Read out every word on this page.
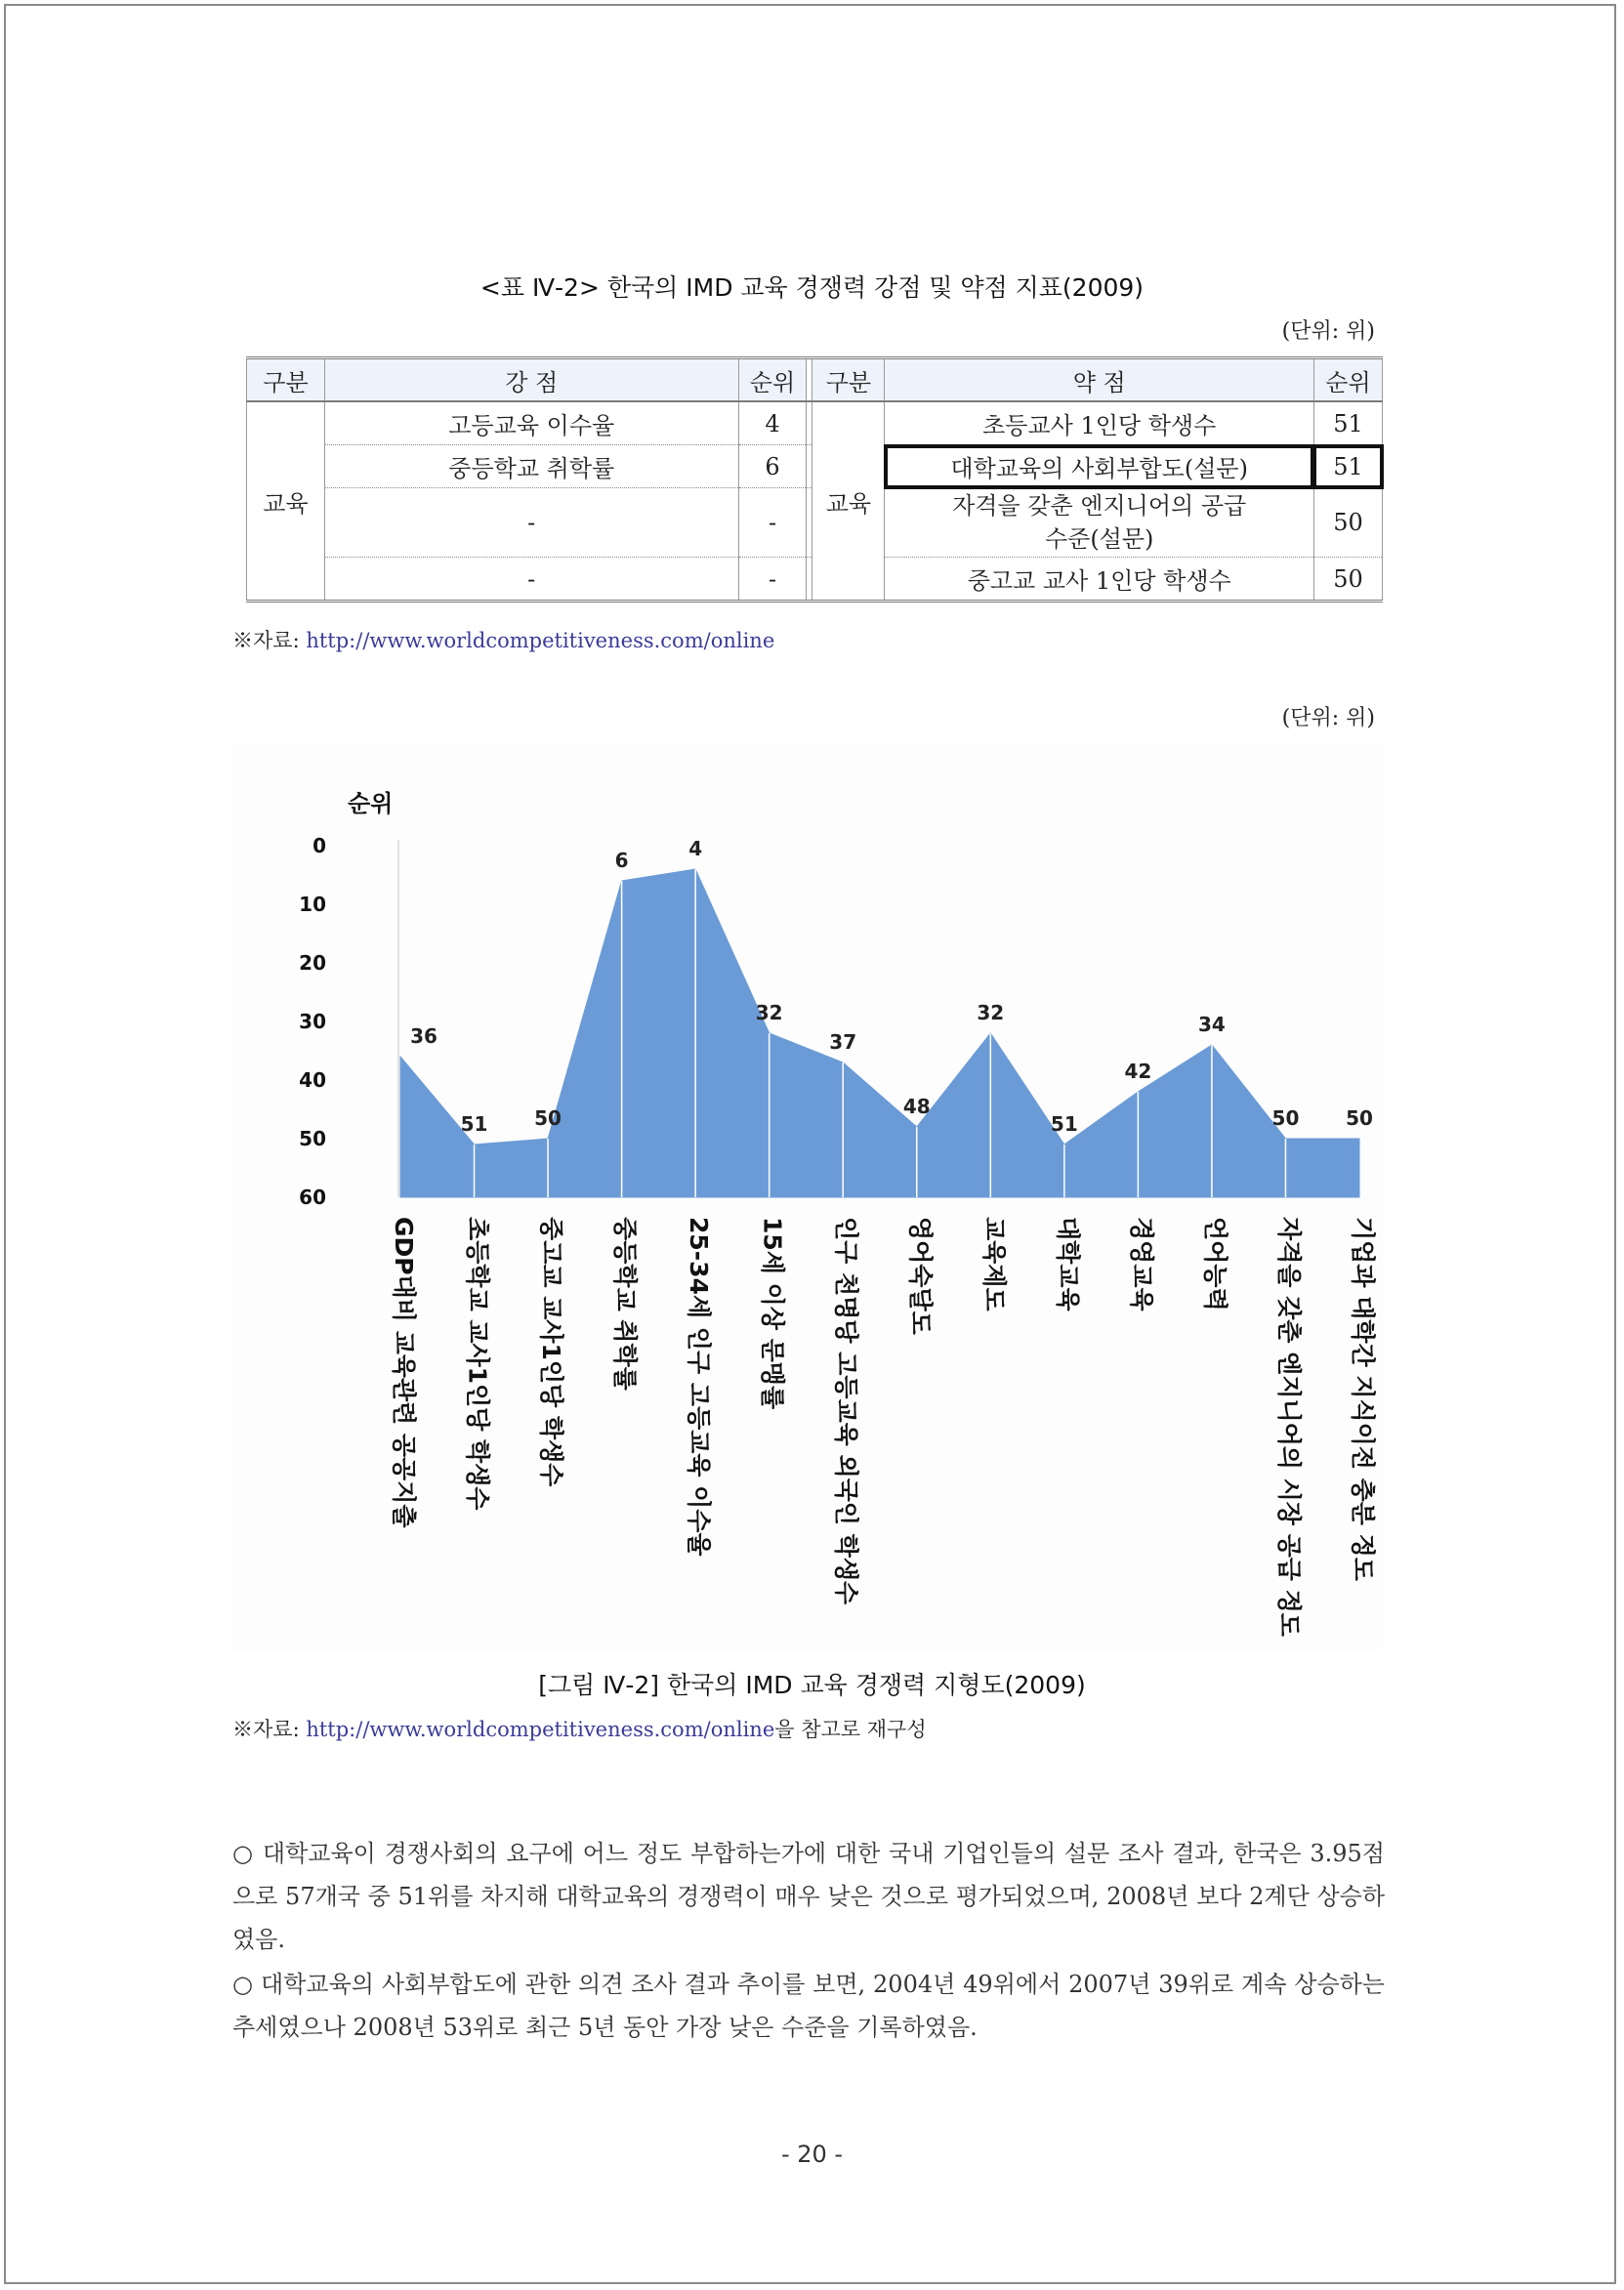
<표 Ⅳ-2> 한국의 IMD 교육 경쟁력 강점 및 약점 지표(2009)
(단위: 위)
구분	강 점	순위		구분	약 점	순위
교육	고등교육 이수율	4		교육	초등교사 1인당 학생수	51
	중등학교 취학률	6			대학교육의 사회부합도(설문)	51
	-	-			자격을 갖춘 엔지니어의 공급
수준(설문)	50
	-	-			중고교 교사 1인당 학생수	50
※자료: http://www.worldcompetitiveness.com/online
(단위: 위)
순위
0
10
20
30
40
50
60
36
51 50
6	4
32
37
48
32
51
42
34
50 50
GDP대비 교육관련 공공지출 초등학교 교사1인당 학생수 중고교 교사1인당 학생수 중등학교 취학률 25-34세 인구 고등교육 이수율 15세 이상 문맹률 인구 천명당 고등교육 외국인 학생수 영어숙달도 교육제도 대학교육 경영교육 언어능력 자격을 갖춘 엔지니어의 시장 공급 정도 기업과 대학간 지식이전 충분 정도
[그림 Ⅳ-2] 한국의 IMD 교육 경쟁력 지형도(2009)
※자료: http://www.worldcompetitiveness.com/online을 참고로 재구성
○ 대학교육이 경쟁사회의 요구에 어느 정도 부합하는가에 대한 국내 기업인들의 설문 조사 결과, 한국은 3.95점으로 57개국 중 51위를 차지해 대학교육의 경쟁력이 매우 낮은 것으로 평가되었으며, 2008년 보다 2계단 상승하였음.
○ 대학교육의 사회부합도에 관한 의견 조사 결과 추이를 보면, 2004년 49위에서 2007년 39위로 계속 상승하는 추세였으나 2008년 53위로 최근 5년 동안 가장 낮은 수준을 기록하였음.
- 20 -
